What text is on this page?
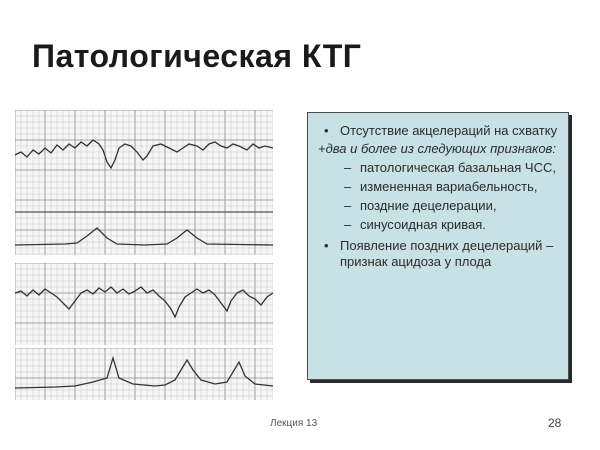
Патологическая КТГ
• Отсутствие акцелераций на схватку
+два и более из следующих признаков:
– патологическая базальная ЧСС,
– измененная вариабельность,
– поздние децелерации,
– синусоидная кривая.
• Появление поздних децелераций – признак ацидоза у плода
Лекция 13	28
